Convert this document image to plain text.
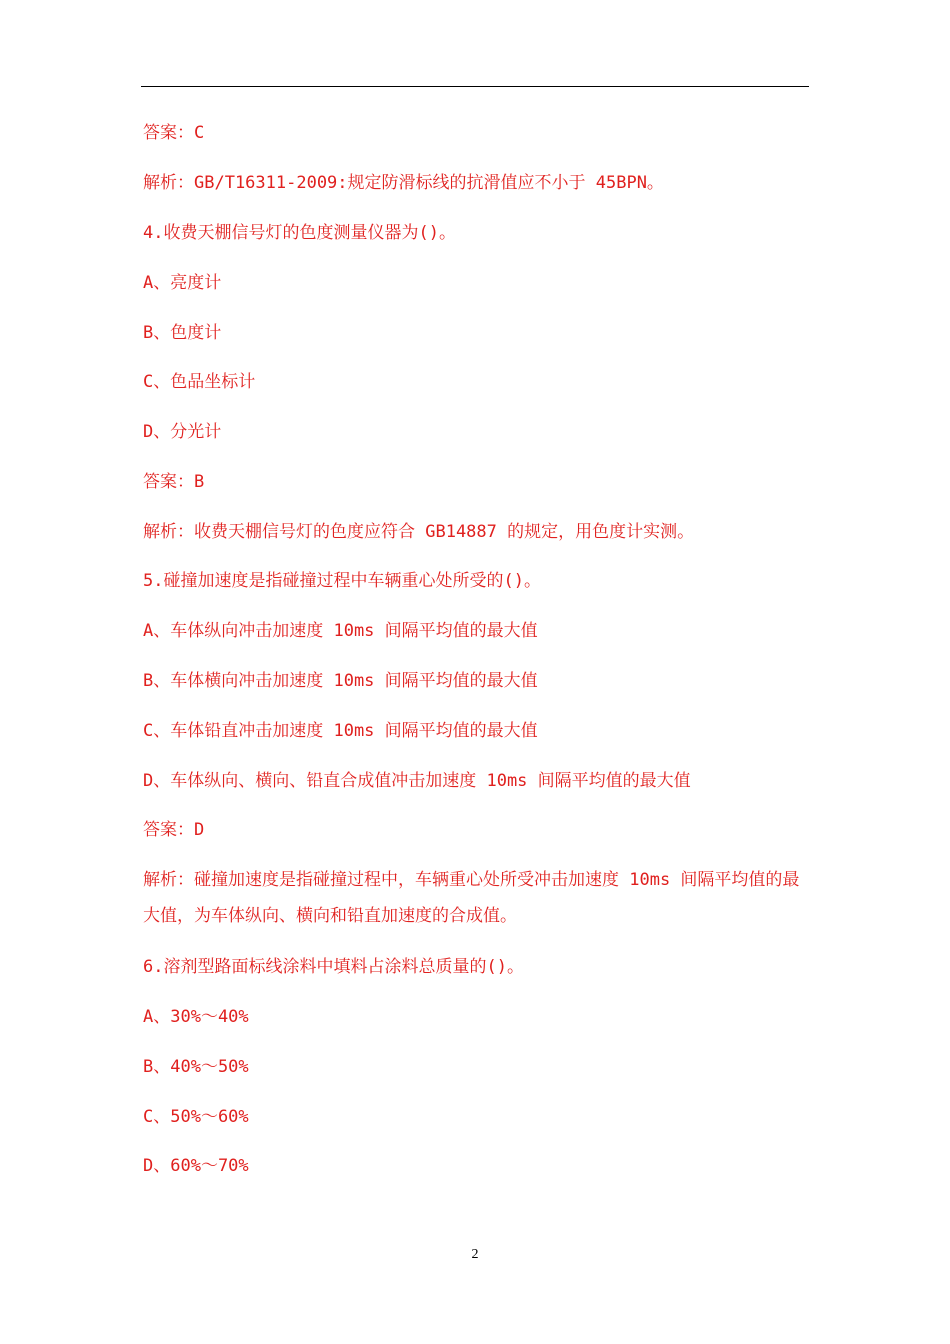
答案：C
解析：GB/T16311-2009:规定防滑标线的抗滑值应不小于 45BPN。
4.收费天棚信号灯的色度测量仪器为()。
A、亮度计
B、色度计
C、色品坐标计
D、分光计
答案：B
解析：收费天棚信号灯的色度应符合 GB14887 的规定，用色度计实测。
5.碰撞加速度是指碰撞过程中车辆重心处所受的()。
A、车体纵向冲击加速度 10ms 间隔平均值的最大值
B、车体横向冲击加速度 10ms 间隔平均值的最大值
C、车体铅直冲击加速度 10ms 间隔平均值的最大值
D、车体纵向、横向、铅直合成值冲击加速度 10ms 间隔平均值的最大值
答案：D
解析：碰撞加速度是指碰撞过程中，车辆重心处所受冲击加速度 10ms 间隔平均值的最大值，为车体纵向、横向和铅直加速度的合成值。
6.溶剂型路面标线涂料中填料占涂料总质量的()。
A、30%～40%
B、40%～50%
C、50%～60%
D、60%～70%
2
